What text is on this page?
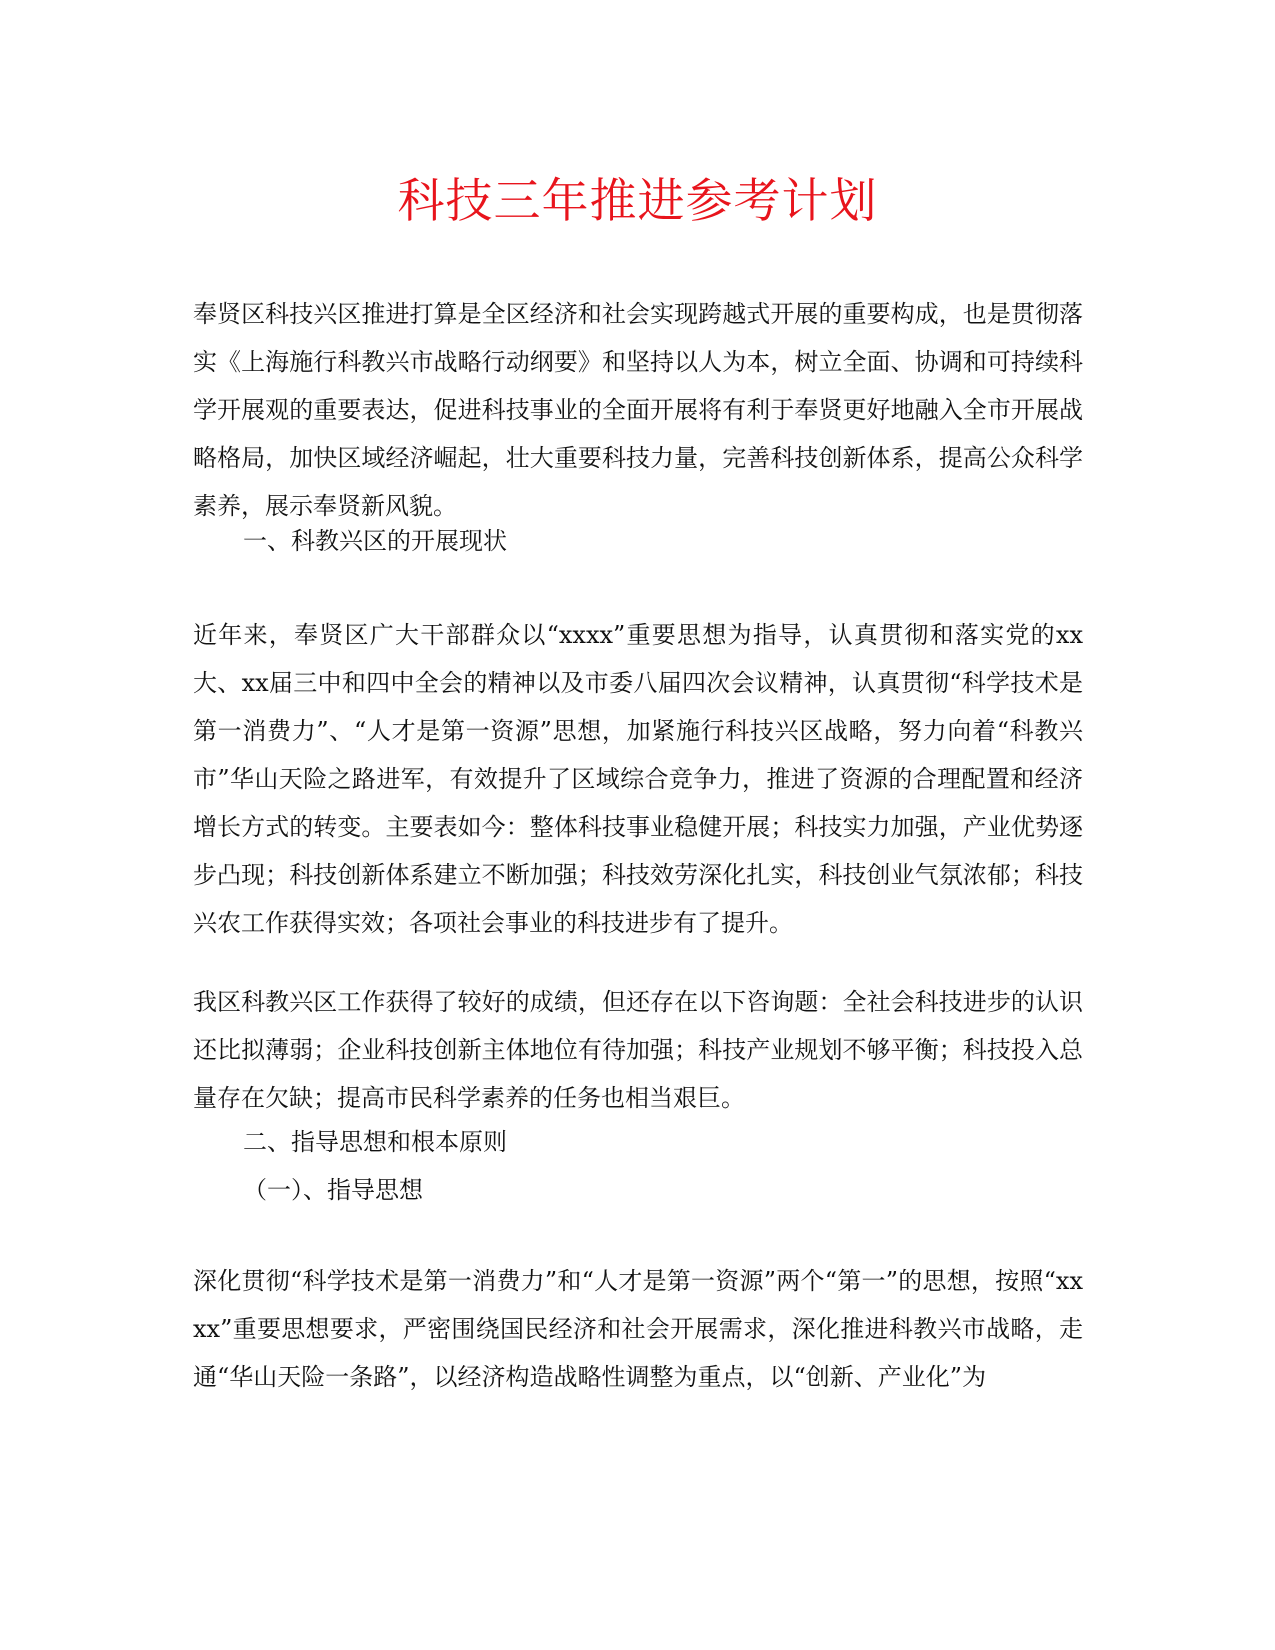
科技三年推进参考计划

奉贤区科技兴区推进打算是全区经济和社会实现跨越式开展的重要构成，也是贯彻落实《上海施行科教兴市战略行动纲要》和坚持以人为本，树立全面、协调和可持续科学开展观的重要表达，促进科技事业的全面开展将有利于奉贤更好地融入全市开展战略格局，加快区域经济崛起，壮大重要科技力量，完善科技创新体系，提高公众科学素养，展示奉贤新风貌。

一、科教兴区的开展现状

近年来，奉贤区广大干部群众以“xxxx”重要思想为指导，认真贯彻和落实党的xx大、xx届三中和四中全会的精神以及市委八届四次会议精神，认真贯彻“科学技术是第一消费力”、“人才是第一资源”思想，加紧施行科技兴区战略，努力向着“科教兴市”华山天险之路进军，有效提升了区域综合竞争力，推进了资源的合理配置和经济增长方式的转变。主要表如今：整体科技事业稳健开展；科技实力加强，产业优势逐步凸现；科技创新体系建立不断加强；科技效劳深化扎实，科技创业气氛浓郁；科技兴农工作获得实效；各项社会事业的科技进步有了提升。

我区科教兴区工作获得了较好的成绩，但还存在以下咨询题：全社会科技进步的认识还比拟薄弱；企业科技创新主体地位有待加强；科技产业规划不够平衡；科技投入总量存在欠缺；提高市民科学素养的任务也相当艰巨。

二、指导思想和根本原则

（一）、指导思想

深化贯彻“科学技术是第一消费力”和“人才是第一资源”两个“第一”的思想，按照“xxxx”重要思想要求，严密围绕国民经济和社会开展需求，深化推进科教兴市战略，走通“华山天险一条路”，以经济构造战略性调整为重点，以“创新、产业化”为
